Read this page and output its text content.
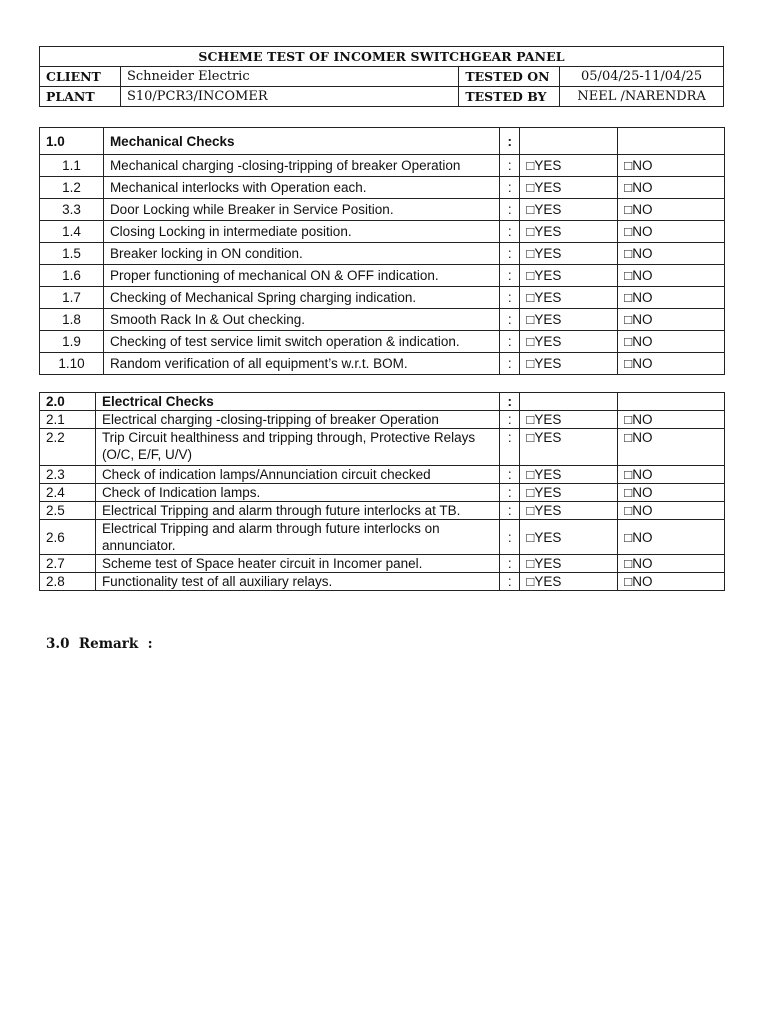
SCHEME TEST OF INCOMER SWITCHGEAR PANEL			
CLIENT	Schneider Electric	TESTED ON	05/04/25-11/04/25
PLANT	S10/PCR3/INCOMER	TESTED BY	NEEL /NARENDRA
1.0	Mechanical Checks	:		
1.1	Mechanical charging -closing-tripping of breaker Operation	:	□YES	□NO
1.2	Mechanical interlocks with Operation each.	:	□YES	□NO
3.3	Door Locking while Breaker in Service Position.	:	□YES	□NO
1.4	Closing Locking in intermediate position.	:	□YES	□NO
1.5	Breaker locking in ON condition.	:	□YES	□NO
1.6	Proper functioning of mechanical ON & OFF indication.	:	□YES	□NO
1.7	Checking of Mechanical Spring charging indication.	:	□YES	□NO
1.8	Smooth Rack In & Out checking.	:	□YES	□NO
1.9	Checking of test service limit switch operation & indication.	:	□YES	□NO
1.10	Random verification of all equipment’s w.r.t. BOM.	:	□YES	□NO
2.0	Electrical Checks	:		
2.1	Electrical charging -closing-tripping of breaker Operation	:	□YES	□NO
2.2	Trip Circuit healthiness and tripping through, Protective Relays (O/C, E/F, U/V)	:	□YES	□NO
2.3	Check of indication lamps/Annunciation circuit checked	:	□YES	□NO
2.4	Check of Indication lamps.	:	□YES	□NO
2.5	Electrical Tripping and alarm through future interlocks at TB.	:	□YES	□NO
2.6	Electrical Tripping and alarm through future interlocks on annunciator.	:	□YES	□NO
2.7	Scheme test of Space heater circuit in Incomer panel.	:	□YES	□NO
2.8	Functionality test of all auxiliary relays.	:	□YES	□NO
3.0  Remark  :
